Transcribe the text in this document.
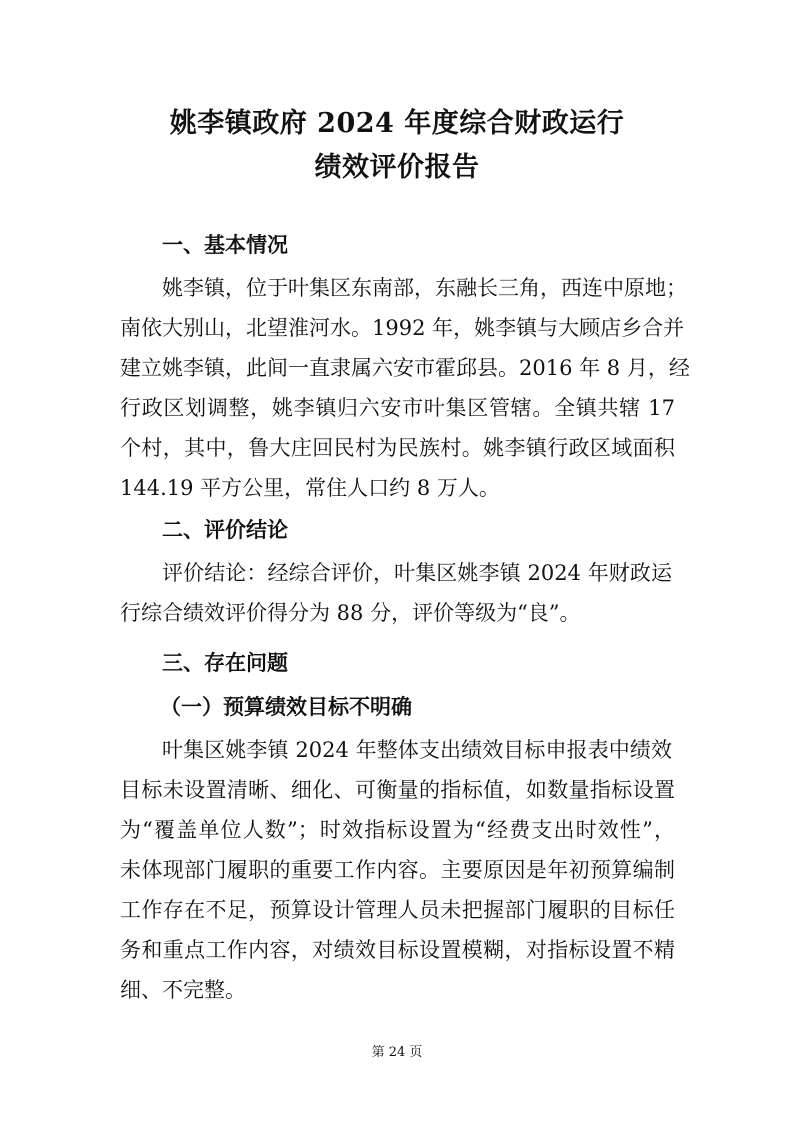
姚李镇政府 2024 年度综合财政运行
绩效评价报告
一、基本情况

姚李镇，位于叶集区东南部，东融长三角，西连中原地；

南依大别山，北望淮河水。1992 年，姚李镇与大顾店乡合并

建立姚李镇，此间一直隶属六安市霍邱县。2016 年 8 月，经

行政区划调整，姚李镇归六安市叶集区管辖。全镇共辖 17

个村，其中，鲁大庄回民村为民族村。姚李镇行政区域面积

144.19 平方公里，常住人口约 8 万人。

二、评价结论

评价结论：经综合评价，叶集区姚李镇 2024 年财政运

行综合绩效评价得分为 88 分，评价等级为“良”。

三、存在问题
（一）预算绩效目标不明确

叶集区姚李镇 2024 年整体支出绩效目标申报表中绩效

目标未设置清晰、细化、可衡量的指标值，如数量指标设置

为“覆盖单位人数”；时效指标设置为“经费支出时效性”，

未体现部门履职的重要工作内容。主要原因是年初预算编制

工作存在不足，预算设计管理人员未把握部门履职的目标任

务和重点工作内容，对绩效目标设置模糊，对指标设置不精

细、不完整。

第 24 页
